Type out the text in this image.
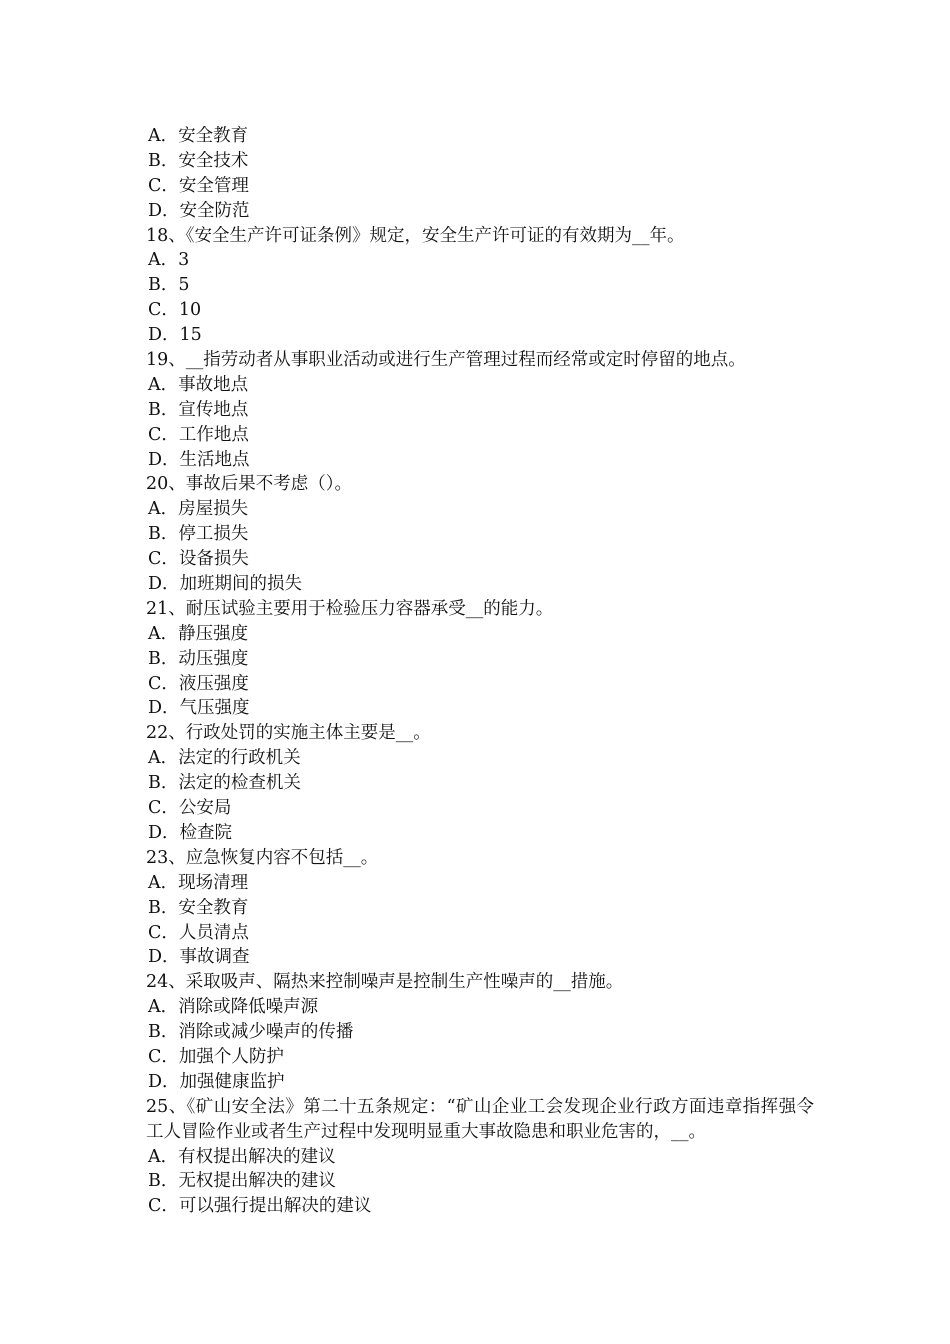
A．安全教育
B．安全技术
C．安全管理
D．安全防范
18、《安全生产许可证条例》规定，安全生产许可证的有效期为__年。
A．3
B．5
C．10
D．15
19、__指劳动者从事职业活动或进行生产管理过程而经常或定时停留的地点。
A．事故地点
B．宣传地点
C．工作地点
D．生活地点
20、事故后果不考虑（）。
A．房屋损失
B．停工损失
C．设备损失
D．加班期间的损失
21、耐压试验主要用于检验压力容器承受__的能力。
A．静压强度
B．动压强度
C．液压强度
D．气压强度
22、行政处罚的实施主体主要是__。
A．法定的行政机关
B．法定的检查机关
C．公安局
D．检查院
23、应急恢复内容不包括__。
A．现场清理
B．安全教育
C．人员清点
D．事故调查
24、采取吸声、隔热来控制噪声是控制生产性噪声的__措施。
A．消除或降低噪声源
B．消除或减少噪声的传播
C．加强个人防护
D．加强健康监护
25、《矿山安全法》第二十五条规定：“矿山企业工会发现企业行政方面违章指挥强令工人冒险作业或者生产过程中发现明显重大事故隐患和职业危害的，__。
A．有权提出解决的建议
B．无权提出解决的建议
C．可以强行提出解决的建议
